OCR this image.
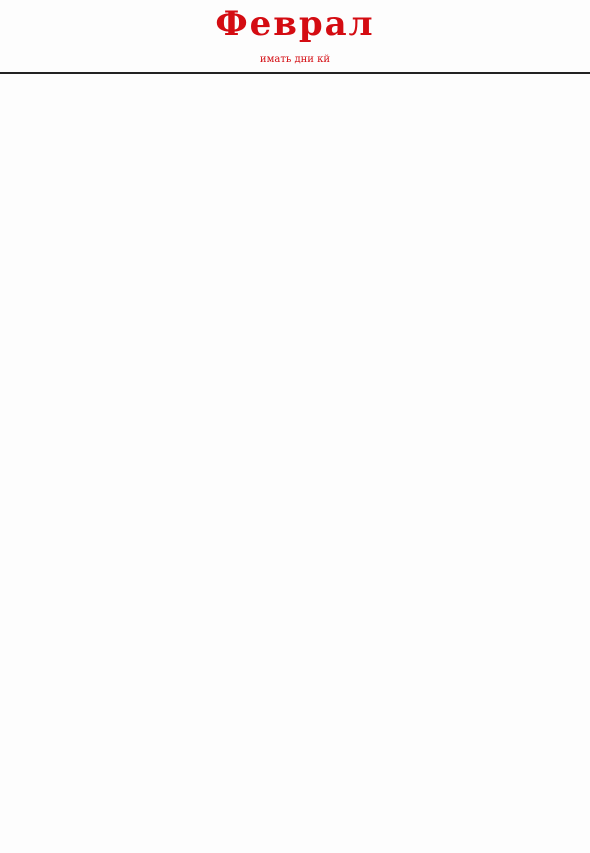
Феврал
имать дни кй
